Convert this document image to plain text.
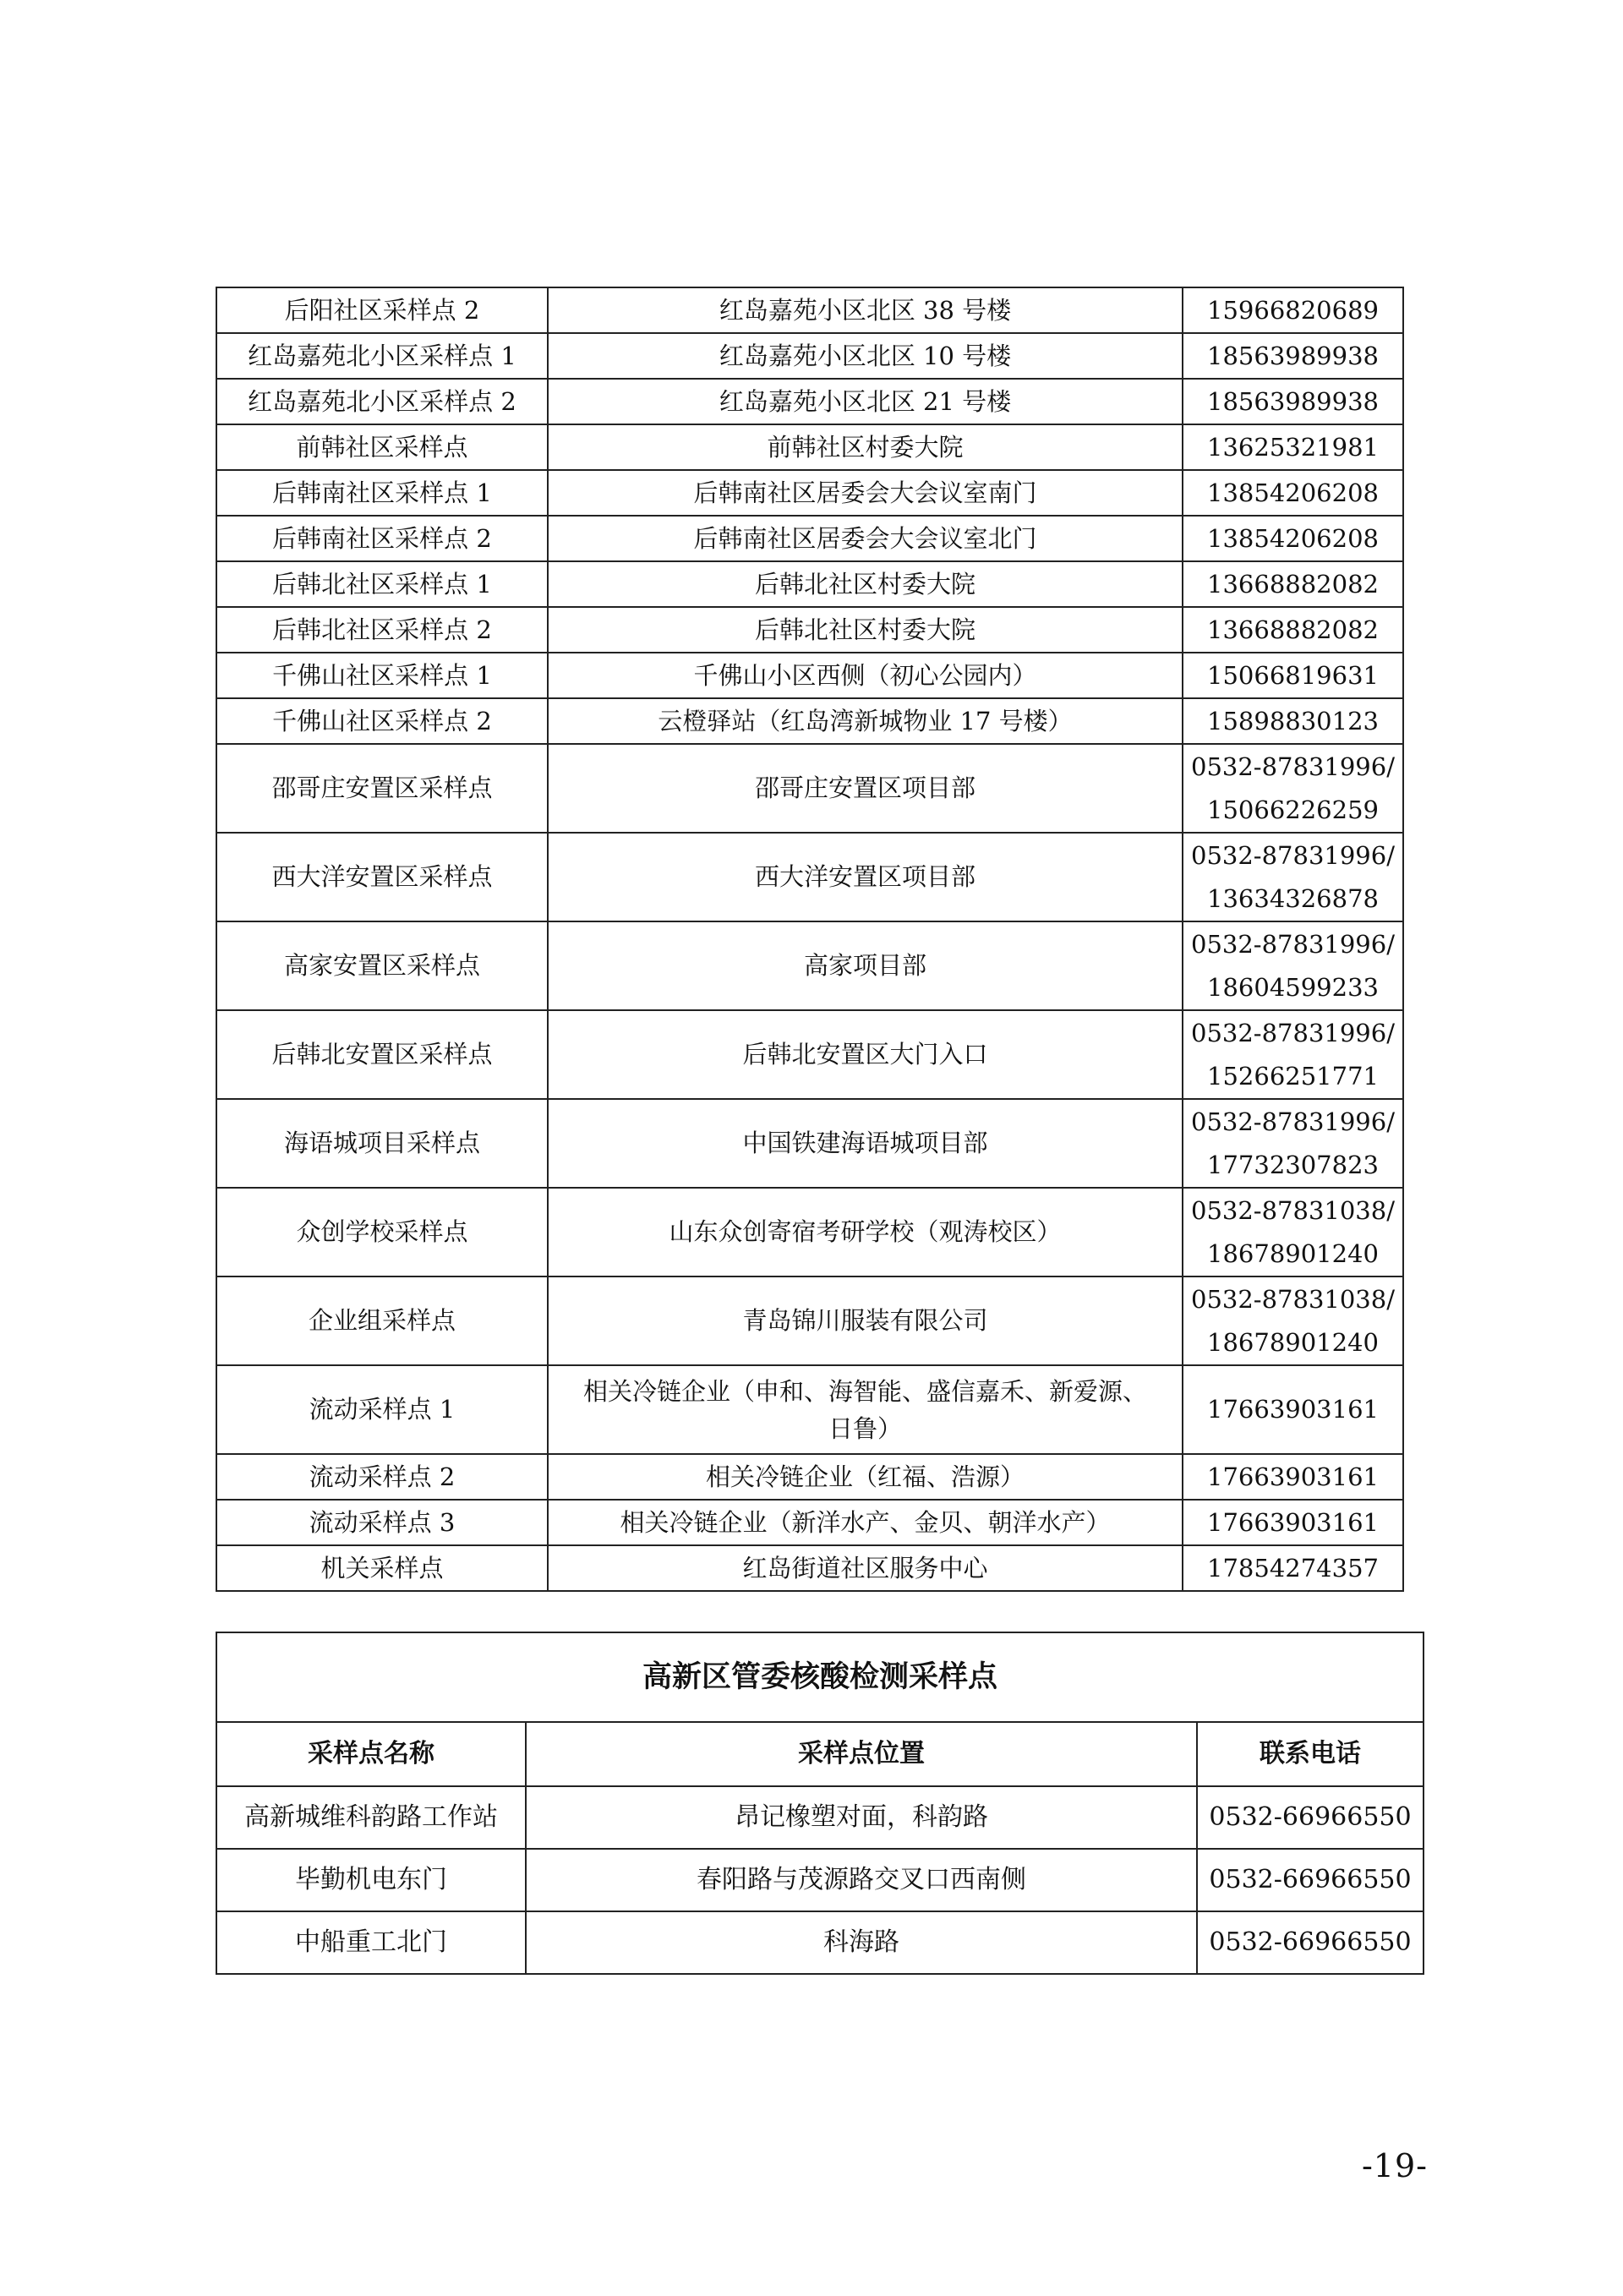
后阳社区采样点 2	红岛嘉苑小区北区 38 号楼	15966820689
红岛嘉苑北小区采样点 1	红岛嘉苑小区北区 10 号楼	18563989938
红岛嘉苑北小区采样点 2	红岛嘉苑小区北区 21 号楼	18563989938
前韩社区采样点	前韩社区村委大院	13625321981
后韩南社区采样点 1	后韩南社区居委会大会议室南门	13854206208
后韩南社区采样点 2	后韩南社区居委会大会议室北门	13854206208
后韩北社区采样点 1	后韩北社区村委大院	13668882082
后韩北社区采样点 2	后韩北社区村委大院	13668882082
千佛山社区采样点 1	千佛山小区西侧（初心公园内）	15066819631
千佛山社区采样点 2	云橙驿站（红岛湾新城物业 17 号楼）	15898830123
邵哥庄安置区采样点	邵哥庄安置区项目部	0532-87831996/
15066226259

西大洋安置区采样点	西大洋安置区项目部	0532-87831996/
13634326878

高家安置区采样点	高家项目部	0532-87831996/
18604599233

后韩北安置区采样点	后韩北安置区大门入口	0532-87831996/
15266251771

海语城项目采样点	中国铁建海语城项目部	0532-87831996/
17732307823

众创学校采样点	山东众创寄宿考研学校（观涛校区）	0532-87831038/
18678901240

企业组采样点	青岛锦川服装有限公司	0532-87831038/
18678901240

流动采样点 1	相关冷链企业（申和、海智能、盛信嘉禾、新爱源、
日鲁）	17663903161
流动采样点 2	相关冷链企业（红福、浩源）	17663903161
流动采样点 3	相关冷链企业（新洋水产、金贝、朝洋水产）	17663903161
机关采样点	红岛街道社区服务中心	17854274357
高新区管委核酸检测采样点		
采样点名称	采样点位置	联系电话
高新城维科韵路工作站	昂记橡塑对面，科韵路	0532-66966550
毕勤机电东门	春阳路与茂源路交叉口西南侧	0532-66966550
中船重工北门	科海路	0532-66966550
-19-
